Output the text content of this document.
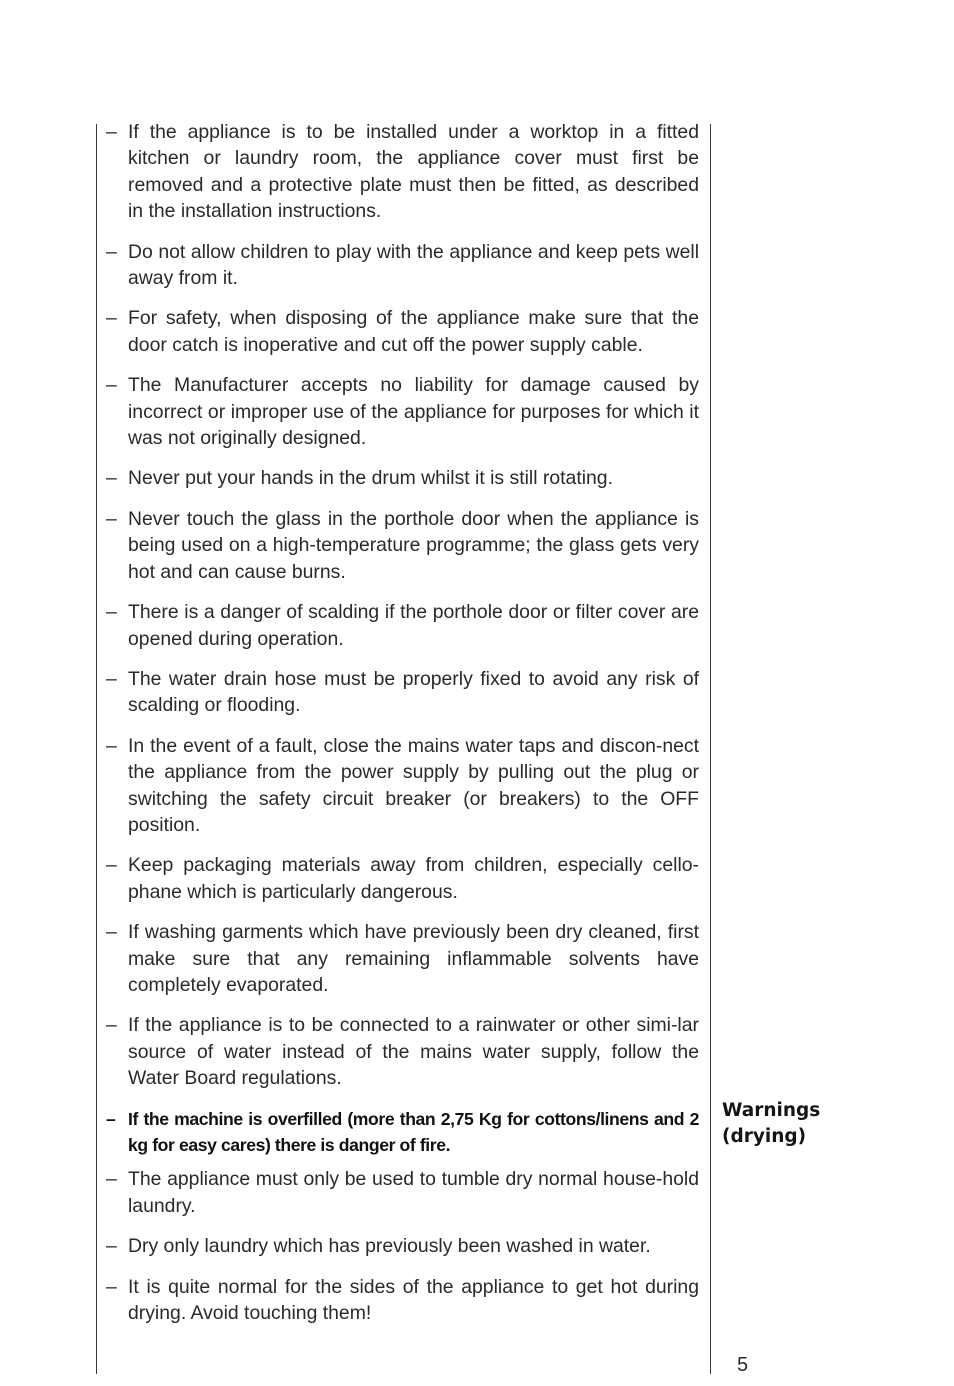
– If the appliance is to be installed under a worktop in a fitted kitchen or laundry room, the appliance cover must first be removed and a protective plate must then be fitted, as described in the installation instructions.
– Do not allow children to play with the appliance and keep pets well away from it.
– For safety, when disposing of the appliance make sure that the door catch is inoperative and cut off the power supply cable.
– The Manufacturer accepts no liability for damage caused by incorrect or improper use of the appliance for purposes for which it was not originally designed.
– Never put your hands in the drum whilst it is still rotating.
– Never touch the glass in the porthole door when the appliance is being used on a high-temperature programme; the glass gets very hot and can cause burns.
– There is a danger of scalding if the porthole door or filter cover are opened during operation.
– The water drain hose must be properly fixed to avoid any risk of scalding or flooding.
– In the event of a fault, close the mains water taps and discon-nect the appliance from the power supply by pulling out the plug or switching the safety circuit breaker (or breakers) to the OFF position.
– Keep packaging materials away from children, especially cello-phane which is particularly dangerous.
– If washing garments which have previously been dry cleaned, first make sure that any remaining inflammable solvents have completely evaporated.
– If the appliance is to be connected to a rainwater or other simi-lar source of water instead of the mains water supply, follow the Water Board regulations.
– If the machine is overfilled (more than 2,75 Kg for cottons/linens and 2 kg for easy cares) there is danger of fire.
– The appliance must only be used to tumble dry normal house-hold laundry.
– Dry only laundry which has previously been washed in water.
– It is quite normal for the sides of the appliance to get hot during drying. Avoid touching them!
Warnings
(drying)
5
